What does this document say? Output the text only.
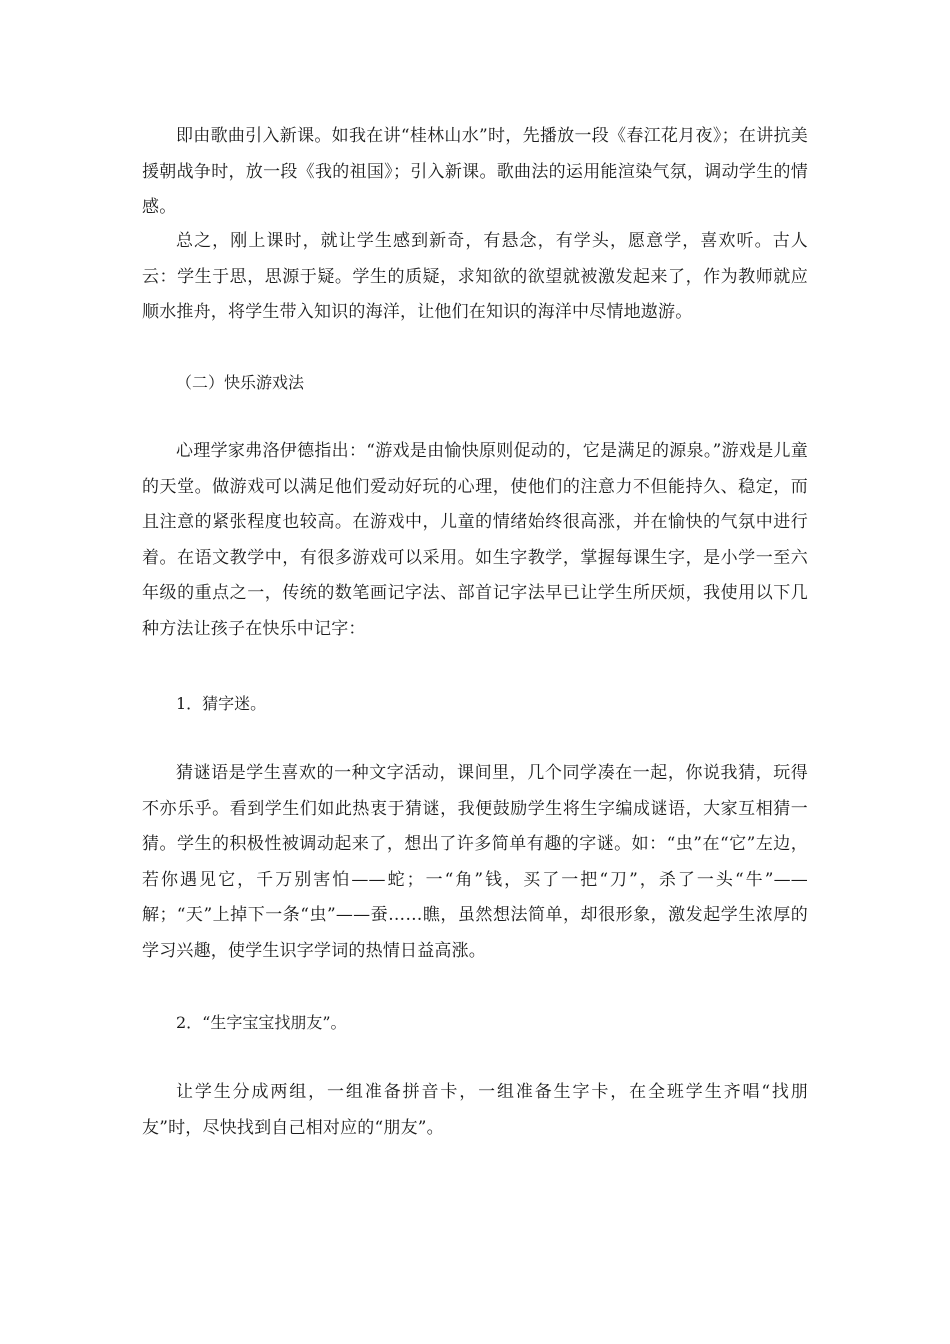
即由歌曲引入新课。如我在讲“桂林山水”时，先播放一段《春江花月夜》；在讲抗美援朝战争时，放一段《我的祖国》；引入新课。歌曲法的运用能渲染气氛，调动学生的情感。

总之，刚上课时，就让学生感到新奇，有悬念，有学头，愿意学，喜欢听。古人云：学生于思，思源于疑。学生的质疑，求知欲的欲望就被激发起来了，作为教师就应顺水推舟，将学生带入知识的海洋，让他们在知识的海洋中尽情地遨游。

（二）快乐游戏法

心理学家弗洛伊德指出：“游戏是由愉快原则促动的，它是满足的源泉。”游戏是儿童的天堂。做游戏可以满足他们爱动好玩的心理，使他们的注意力不但能持久、稳定，而且注意的紧张程度也较高。在游戏中，儿童的情绪始终很高涨，并在愉快的气氛中进行着。在语文教学中，有很多游戏可以采用。如生字教学，掌握每课生字，是小学一至六年级的重点之一，传统的数笔画记字法、部首记字法早已让学生所厌烦，我使用以下几种方法让孩子在快乐中记字：

1．猜字迷。

猜谜语是学生喜欢的一种文字活动，课间里，几个同学凑在一起，你说我猜，玩得不亦乐乎。看到学生们如此热衷于猜谜，我便鼓励学生将生字编成谜语，大家互相猜一猜。学生的积极性被调动起来了，想出了许多简单有趣的字谜。如：“虫”在“它”左边，若你遇见它，千万别害怕——蛇；一“角”钱，买了一把“刀”，杀了一头“牛”——解；“天”上掉下一条“虫”——蚕……瞧，虽然想法简单，却很形象，激发起学生浓厚的学习兴趣，使学生识字学词的热情日益高涨。

2．“生字宝宝找朋友”。

让学生分成两组，一组准备拼音卡，一组准备生字卡，在全班学生齐唱“找朋友”时，尽快找到自己相对应的“朋友”。
